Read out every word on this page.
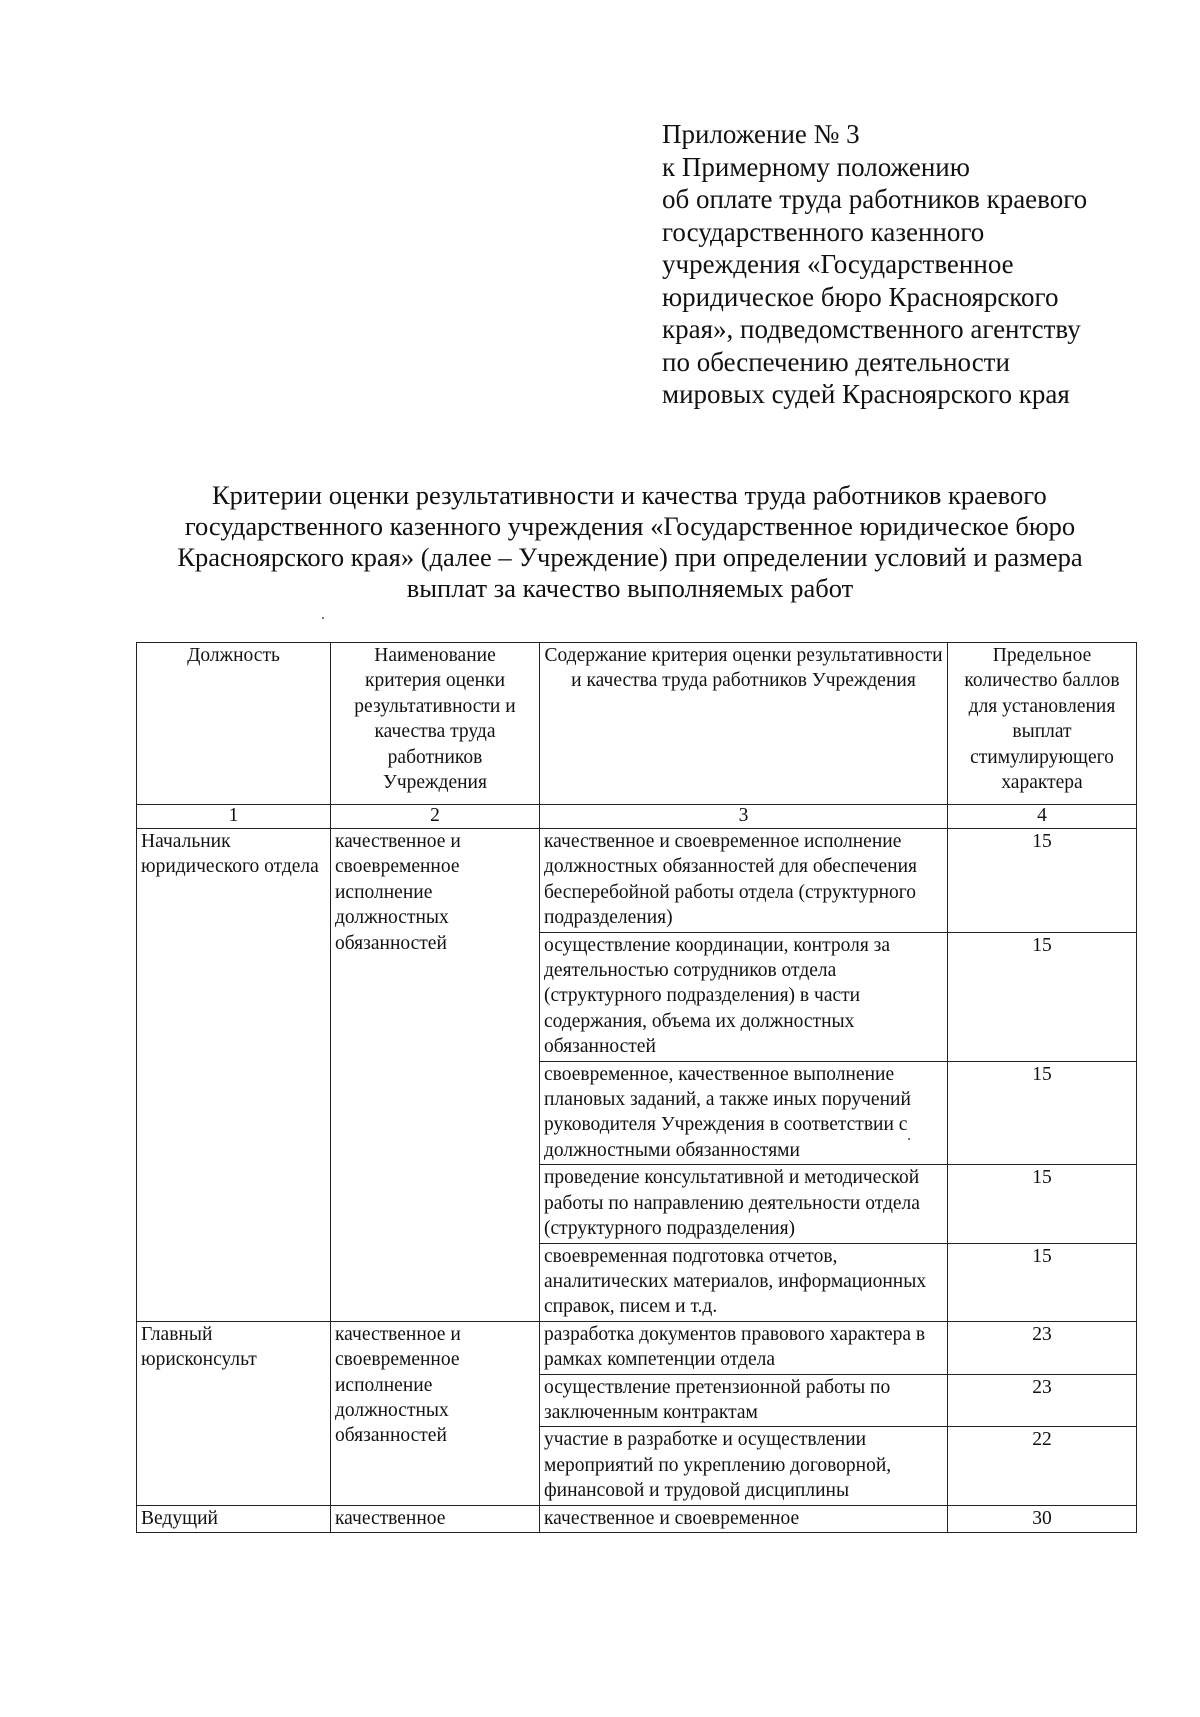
Приложение № 3
к Примерному положению
об оплате труда работников краевого
государственного казенного
учреждения «Государственное
юридическое бюро Красноярского
края», подведомственного агентству
по обеспечению деятельности
мировых судей Красноярского края
Критерии оценки результативности и качества труда работников краевого
государственного казенного учреждения «Государственное юридическое бюро
Красноярского края» (далее – Учреждение) при определении условий и размера
выплат за качество выполняемых работ
Должность	Наименование критерия оценки результативности и качества труда работников Учреждения	Содержание критерия оценки результативности и качества труда работников Учреждения	Предельное количество баллов для установления выплат стимулирующего характера
1	2	3	4
Начальник юридического отдела	качественное и своевременное исполнение должностных обязанностей	качественное и своевременное исполнение должностных обязанностей для обеспечения бесперебойной работы отдела (структурного подразделения)	15
		осуществление координации, контроля за деятельностью сотрудников отдела (структурного подразделения) в части содержания, объема их должностных обязанностей	15
		своевременное, качественное выполнение плановых заданий, а также иных поручений руководителя Учреждения в соответствии с должностными обязанностями	15
		проведение консультативной и методической работы по направлению деятельности отдела (структурного подразделения)	15
		своевременная подготовка отчетов, аналитических материалов, информационных справок, писем и т.д.	15
Главный юрисконсульт	качественное и своевременное исполнение должностных обязанностей	разработка документов правового характера в рамках компетенции отдела	23
		осуществление претензионной работы по заключенным контрактам	23
		участие в разработке и осуществлении мероприятий по укреплению договорной, финансовой и трудовой дисциплины	22
Ведущий	качественное	качественное и своевременное	30
